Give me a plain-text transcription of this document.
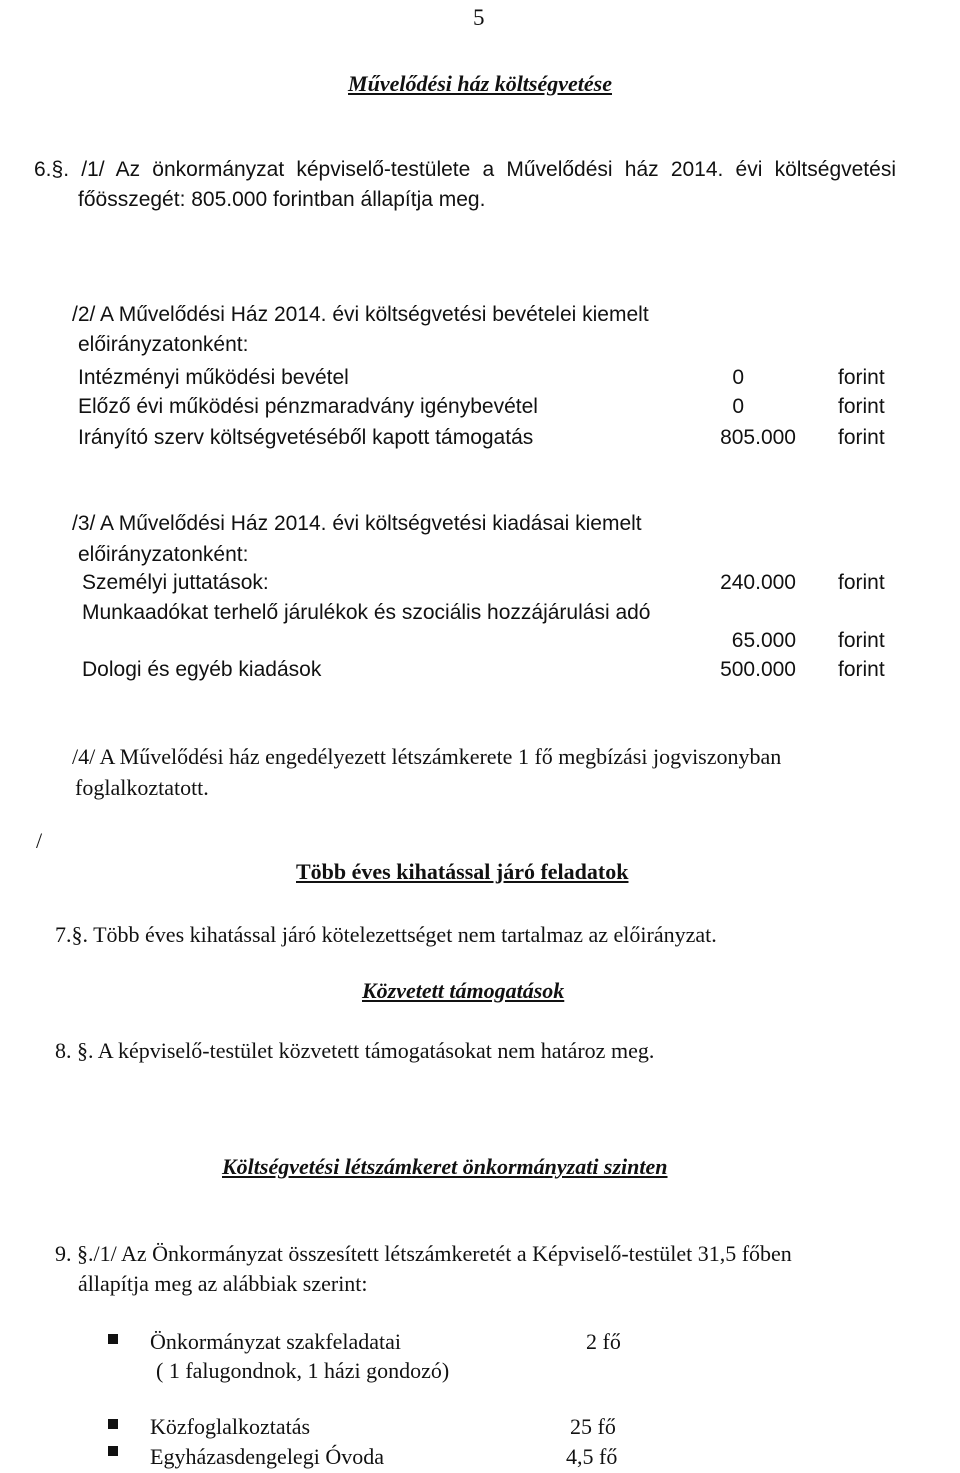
5
Művelődési ház költségvetése
6.§. /1/ Az önkormányzat képviselő-testülete a Művelődési ház 2014. évi költségvetési
főösszegét: 805.000 forintban állapítja meg.
/2/ A Művelődési Ház 2014. évi költségvetési bevételei kiemelt
előirányzatonként:
Intézményi működési bevétel	0	forint
Előző évi működési pénzmaradvány igénybevétel	0	forint
Irányító szerv költségvetéséből kapott támogatás	805.000 forint
/3/ A Művelődési Ház 2014. évi költségvetési kiadásai kiemelt
előirányzatonként:
Személyi juttatások:	240.000 forint
Munkaadókat terhelő járulékok és szociális hozzájárulási adó
65.000 forint
Dologi és egyéb kiadások	500.000 forint
/4/ A Művelődési ház engedélyezett létszámkerete 1 fő megbízási jogviszonyban
foglalkoztatott.
/
Több éves kihatással járó feladatok
7.§. Több éves kihatással járó kötelezettséget nem tartalmaz az előirányzat.
Közvetett támogatások
8. §. A képviselő-testület közvetett támogatásokat nem határoz meg.
Költségvetési létszámkeret önkormányzati szinten
9. §./1/ Az Önkormányzat összesített létszámkeretét a Képviselő-testület 31,5 főben
állapítja meg az alábbiak szerint:
Önkormányzat szakfeladatai	2 fő
( 1 falugondnok, 1 házi gondozó)
Közfoglalkoztatás	25 fő
Egyházasdengelegi Óvoda	4,5 fő
